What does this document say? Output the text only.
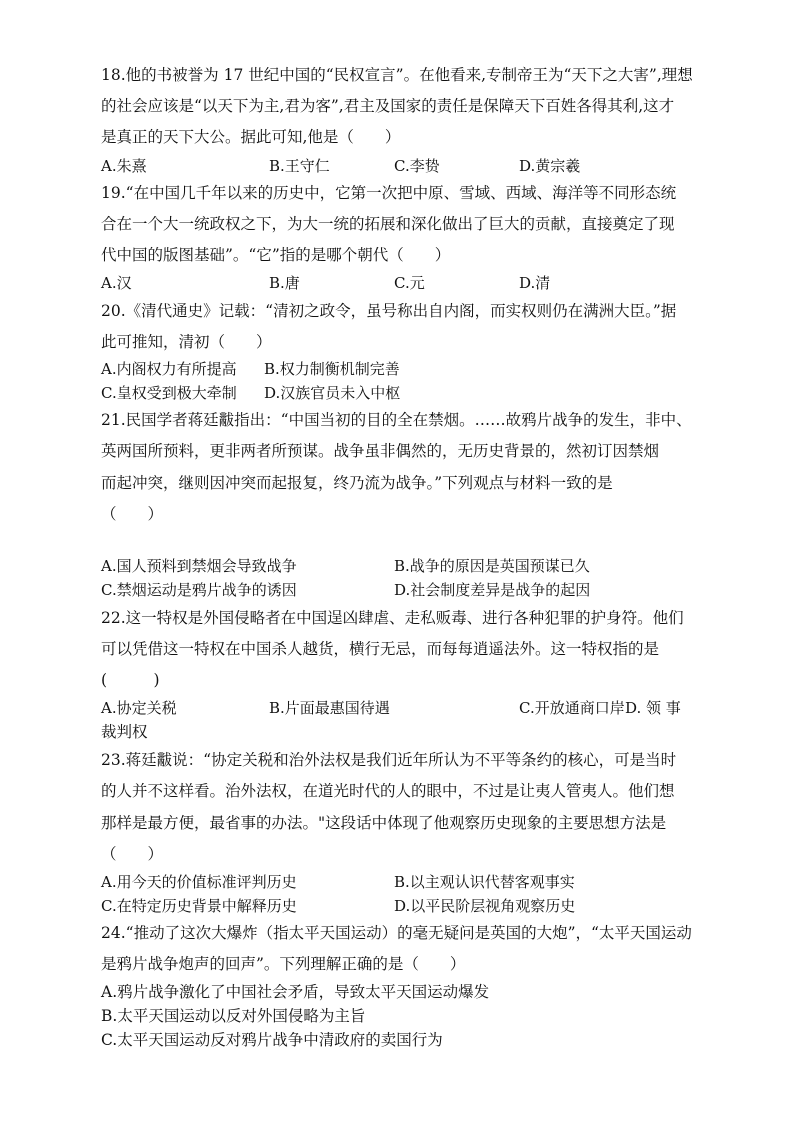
18.他的书被誉为 17 世纪中国的“民权宣言”。在他看来,专制帝王为“天下之大害”,理想
的社会应该是“以天下为主,君为客”,君主及国家的责任是保障天下百姓各得其利,这才
是真正的天下大公。据此可知,他是（　　）
A.朱熹	B.王守仁	C.李贽	D.黄宗羲
19.“在中国几千年以来的历史中，它第一次把中原、雪域、西域、海洋等不同形态统
合在一个大一统政权之下，为大一统的拓展和深化做出了巨大的贡献，直接奠定了现
代中国的版图基础”。“它”指的是哪个朝代（　　）
A.汉	B.唐	C.元	D.清
20.《清代通史》记载：“清初之政令，虽号称出自内阁，而实权则仍在满洲大臣。”据
此可推知，清初（　　）
A.内阁权力有所提高 B.权力制衡机制完善
C.皇权受到极大牵制 D.汉族官员未入中枢
21.民国学者蒋廷黻指出：“中国当初的目的全在禁烟。……故鸦片战争的发生，非中、
英两国所预料，更非两者所预谋。战争虽非偶然的，无历史背景的，然初订因禁烟
而起冲突，继则因冲突而起报复，终乃流为战争。”下列观点与材料一致的是
（　　）
A.国人预料到禁烟会导致战争	B.战争的原因是英国预谋已久
C.禁烟运动是鸦片战争的诱因	D.社会制度差异是战争的起因
22.这一特权是外国侵略者在中国逞凶肆虐、走私贩毒、进行各种犯罪的护身符。他们
可以凭借这一特权在中国杀人越货，横行无忌，而每每逍遥法外。这一特权指的是
(　　　)
A.协定关税	B.片面最惠国待遇	C.开放通商口岸 D. 领 事
裁判权
23.蒋廷黻说：“协定关税和治外法权是我们近年所认为不平等条约的核心，可是当时
的人并不这样看。治外法权，在道光时代的人的眼中，不过是让夷人管夷人。他们想
那样是最方便，最省事的办法。"这段话中体现了他观察历史现象的主要思想方法是
（　　）
A.用今天的价值标准评判历史	B.以主观认识代替客观事实
C.在特定历史背景中解释历史	D.以平民阶层视角观察历史
24.“推动了这次大爆炸（指太平天国运动）的毫无疑问是英国的大炮”，“太平天国运动
是鸦片战争炮声的回声”。下列理解正确的是（　　）
A.鸦片战争激化了中国社会矛盾，导致太平天国运动爆发
B.太平天国运动以反对外国侵略为主旨
C.太平天国运动反对鸦片战争中清政府的卖国行为
